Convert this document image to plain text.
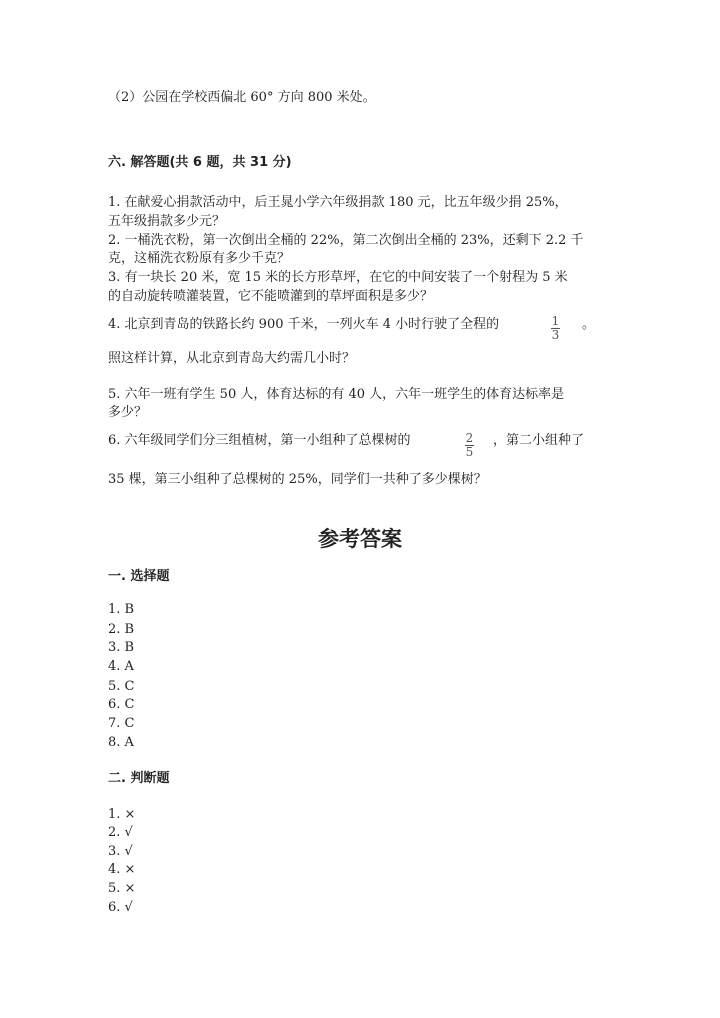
（2）公园在学校西偏北 60° 方向 800 米处。
六. 解答题(共 6 题，共 31 分)
1. 在献爱心捐款活动中，后王晁小学六年级捐款 180 元，比五年级少捐 25%，
五年级捐款多少元？
2. 一桶洗衣粉，第一次倒出全桶的 22%，第二次倒出全桶的 23%，还剩下 2.2 千
克，这桶洗衣粉原有多少千克？
3. 有一块长 20 米，宽 15 米的长方形草坪，在它的中间安装了一个射程为 5 米
的自动旋转喷灌装置，它不能喷灌到的草坪面积是多少？
4. 北京到青岛的铁路长约 900 千米，一列火车 4 小时行驶了全程的	1
3
。
照这样计算，从北京到青岛大约需几小时？
5. 六年一班有学生 50 人，体育达标的有 40 人，六年一班学生的体育达标率是
多少？
6. 六年级同学们分三组植树，第一小组种了总棵树的	2
5
，第二小组种了
35 棵，第三小组种了总棵树的 25%，同学们一共种了多少棵树？
参考答案
一. 选择题
1. B
2. B
3. B
4. A
5. C
6. C
7. C
8. A
二. 判断题
1. ×
2. √
3. √
4. ×
5. ×
6. √
